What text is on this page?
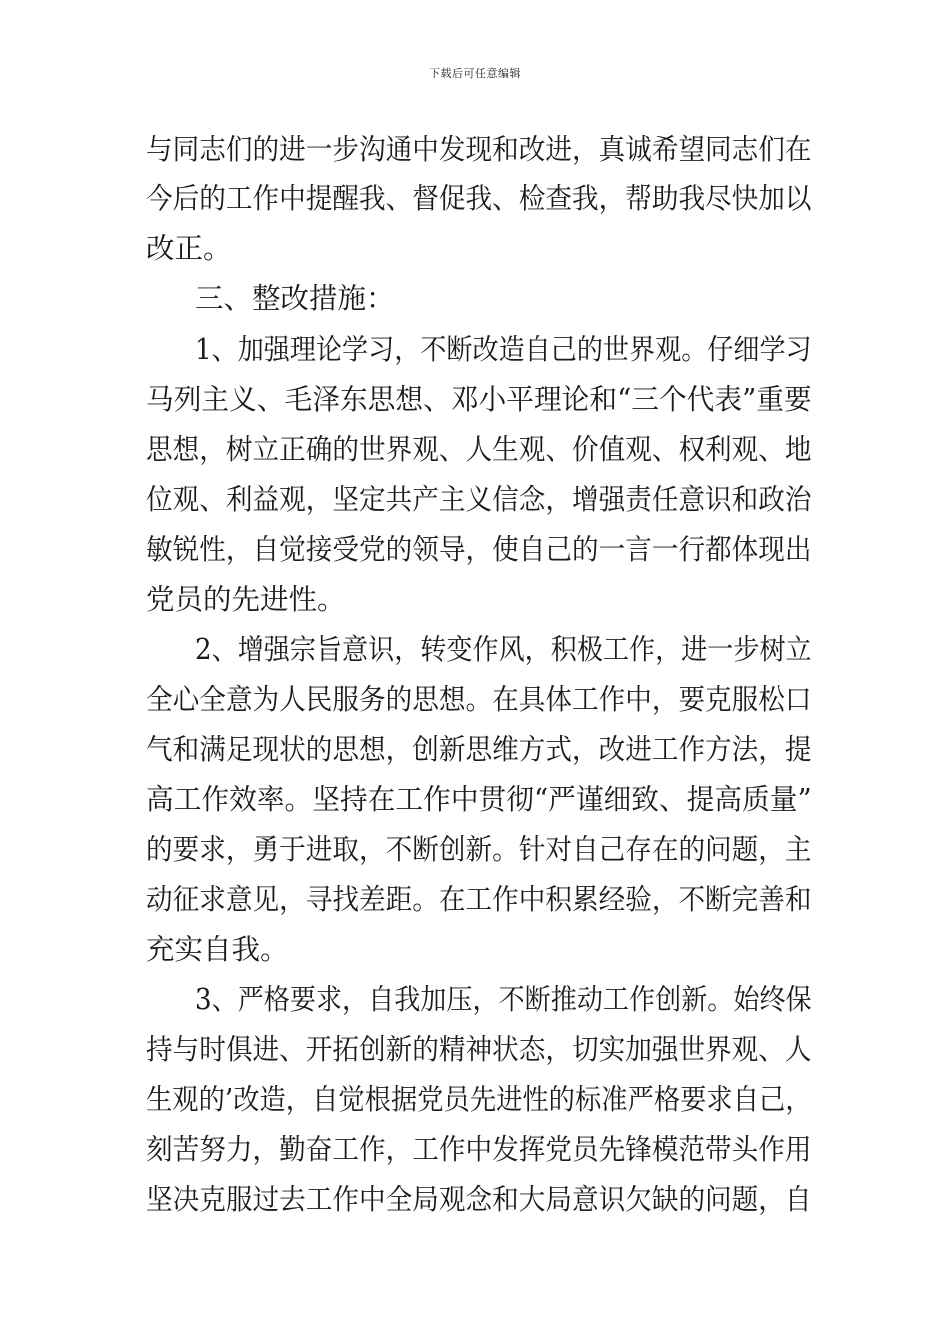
下载后可任意编辑
与同志们的进一步沟通中发现和改进，真诚希望同志们在
今后的工作中提醒我、督促我、检查我，帮助我尽快加以
改正。
三、整改措施：
1、加强理论学习，不断改造自己的世界观。仔细学习
马列主义、毛泽东思想、邓小平理论和“三个代表”重要
思想，树立正确的世界观、人生观、价值观、权利观、地
位观、利益观，坚定共产主义信念，增强责任意识和政治
敏锐性，自觉接受党的领导，使自己的一言一行都体现出
党员的先进性。
2、增强宗旨意识，转变作风，积极工作，进一步树立
全心全意为人民服务的思想。在具体工作中，要克服松口
气和满足现状的思想，创新思维方式，改进工作方法，提
高工作效率。坚持在工作中贯彻“严谨细致、提高质量”
的要求，勇于进取，不断创新。针对自己存在的问题，主
动征求意见，寻找差距。在工作中积累经验，不断完善和
充实自我。
3、严格要求，自我加压，不断推动工作创新。始终保
持与时俱进、开拓创新的精神状态，切实加强世界观、人
生观的’改造，自觉根据党员先进性的标准严格要求自己，
刻苦努力，勤奋工作，工作中发挥党员先锋模范带头作用
坚决克服过去工作中全局观念和大局意识欠缺的问题，自
